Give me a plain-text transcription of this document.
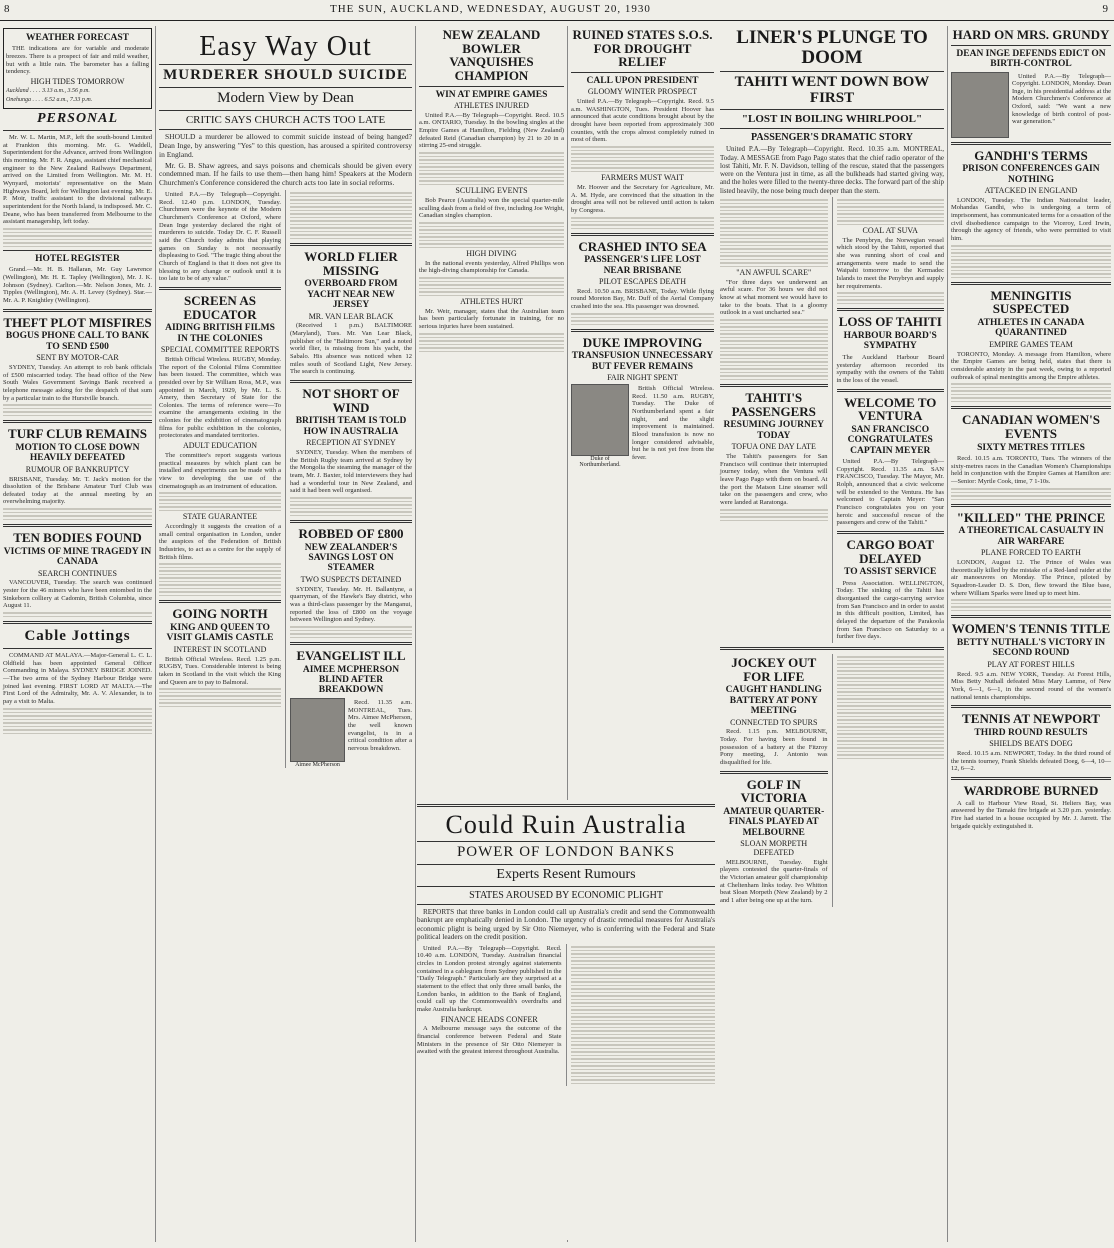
8	THE SUN, AUCKLAND, WEDNESDAY, AUGUST 20, 1930	9
WEATHER FORECAST

THE indications are for variable and moderate breezes. There is a prospect of fair and mild weather, but with a little rain. The barometer has a falling tendency.

HIGH TIDES TOMORROW

Auckland . . . . 3.13 a.m., 3.56 p.m.

Onehunga . . . . 6.52 a.m., 7.33 p.m.

PERSONAL

Mr. W. L. Martin, M.P., left the south-bound Limited at Frankton this morning. Mr. G. Waddell, Superintendent for the Advance, arrived from Wellington this morning. Mr. F. R. Angus, assistant chief mechanical engineer to the New Zealand Railways Department, arrived on the Limited from Wellington. Mr. M. H. Wynyard, motorists' representative on the Main Highways Board, left for Wellington last evening. Mr. E. P. Moir, traffic assistant to the divisional railways superintendent for the North Island, is indisposed. Mr. C. Deane, who has been transferred from Melbourne to the assistant managership, left today.

HOTEL REGISTER

Grand.—Mr. H. B. Hallaran, Mr. Guy Lawrence (Wellington), Mr. H. E. Tapley (Wellington), Mr. J. K. Johnson (Sydney). Carlton.—Mr. Nelson Jones, Mr. J. Tipples (Wellington), Mr. A. H. Levey (Sydney). Star.—Mr. A. P. Knightley (Wellington).

THEFT PLOT MISFIRES
BOGUS PHONE CALL TO BANK TO SEND £500
SENT BY MOTOR-CAR

SYDNEY, Tuesday. An attempt to rob bank officials of £500 miscarried today. The head office of the New South Wales Government Savings Bank received a telephone message asking for the despatch of that sum by a particular train to the Hurstville branch.

TURF CLUB REMAINS
MOTION TO CLOSE DOWN HEAVILY DEFEATED
RUMOUR OF BANKRUPTCY

BRISBANE, Tuesday. Mr. T. Jack's motion for the dissolution of the Brisbane Amateur Turf Club was defeated today at the annual meeting by an overwhelming majority.

TEN BODIES FOUND
VICTIMS OF MINE TRAGEDY IN CANADA
SEARCH CONTINUES

VANCOUVER, Tuesday. The search was continued yester for the 46 miners who have been entombed in the Sinkeborn colliery at Cadomin, British Columbia, since August 11.

Cable Jottings

COMMAND AT MALAYA.—Major-General L. C. L. Oldfield has been appointed General Officer Commanding in Malaya. SYDNEY BRIDGE JOINED.—The two arms of the Sydney Harbour Bridge were joined last evening. FIRST LORD AT MALTA.—The First Lord of the Admiralty, Mr. A. V. Alexander, is to pay a visit to Malta.

Easy Way Out
MURDERER SHOULD SUICIDE
Modern View by Dean
CRITIC SAYS CHURCH ACTS TOO LATE

SHOULD a murderer be allowed to commit suicide instead of being hanged? Dean Inge, by answering "Yes" to this question, has aroused a spirited controversy in England.

Mr. G. B. Shaw agrees, and says poisons and chemicals should be given every condemned man. If he fails to use them—then hang him! Speakers at the Modern Churchmen's Conference considered the church acts too late in social reforms.

United P.A.—By Telegraph—Copyright. Recd. 12.40 p.m. LONDON, Tuesday. Churchmen were the keynote of the Modern Churchmen's Conference at Oxford, where Dean Inge yesterday declared the right of murderers to suicide. Today Dr. C. F. Russell said the Church today admits that playing games on Sunday is not necessarily displeasing to God. "The tragic thing about the Church of England is that it does not give its blessing to any change or outlook until it is too late to be of any value."

SCREEN AS EDUCATOR
AIDING BRITISH FILMS IN THE COLONIES
SPECIAL COMMITTEE REPORTS

British Official Wireless. RUGBY, Monday. The report of the Colonial Films Committee has been issued. The committee, which was presided over by Sir William Ross, M.P., was appointed in March, 1929, by Mr. L. S. Amery, then Secretary of State for the Colonies. The terms of reference were—To examine the arrangements existing in the colonies for the exhibition of cinematograph films for public exhibition in the colonies, protectorates and mandated territories.

ADULT EDUCATION

The committee's report suggests various practical measures by which plant can be installed and experiments can be made with a view to developing the use of the cinematograph as an instrument of education.

STATE GUARANTEE

Accordingly it suggests the creation of a small central organisation in London, under the auspices of the Federation of British Industries, to act as a centre for the supply of British films.

GOING NORTH
KING AND QUEEN TO VISIT GLAMIS CASTLE
INTEREST IN SCOTLAND

British Official Wireless. Recd. 1.25 p.m. RUGBY, Tues. Considerable interest is being taken in Scotland in the visit which the King and Queen are to pay to Balmoral.

WORLD FLIER MISSING
OVERBOARD FROM YACHT NEAR NEW JERSEY
MR. VAN LEAR BLACK

(Received 1 p.m.) BALTIMORE (Maryland), Tues. Mr. Van Lear Black, publisher of the "Baltimore Sun," and a noted world flier, is missing from his yacht, the Sabalo. His absence was noticed when 12 miles south of Scotland Light, New Jersey. The search is continuing.

NOT SHORT OF WIND
BRITISH TEAM IS TOLD HOW IN AUSTRALIA
RECEPTION AT SYDNEY

SYDNEY, Tuesday. When the members of the British Rugby team arrived at Sydney by the Mongolia the steaming the manager of the team, Mr. J. Baxter, told interviewers they had had a wonderful tour in New Zealand, and said it had been well organised.

ROBBED OF £800
NEW ZEALANDER'S SAVINGS LOST ON STEAMER
TWO SUSPECTS DETAINED

SYDNEY, Tuesday. Mr. H. Ballantyne, a quarryman, of the Hawke's Bay district, who was a third-class passenger by the Manganui, reported the loss of £800 on the voyage between Wellington and Sydney.

EVANGELIST ILL
AIMEE MCPHERSON BLIND AFTER BREAKDOWN
Aimee McPherson

Recd. 11.35 a.m. MONTREAL, Tues. Mrs. Aimee McPherson, the well known evangelist, is in a critical condition after a nervous breakdown.

NEW ZEALAND BOWLER VANQUISHES CHAMPION
WIN AT EMPIRE GAMES
ATHLETES INJURED

United P.A.—By Telegraph—Copyright. Recd. 10.5 a.m. ONTARIO, Tuesday. In the bowling singles at the Empire Games at Hamilton, Fielding (New Zealand) defeated Reid (Canadian champion) by 21 to 20 in a stirring 25-end struggle.

SCULLING EVENTS

Bob Pearce (Australia) won the special quarter-mile sculling dash from a field of five, including Joe Wright, Canadian singles champion.

HIGH DIVING

In the national events yesterday, Alfred Phillips won the high-diving championship for Canada.

ATHLETES HURT

Mr. Weir, manager, states that the Australian team has been particularly fortunate in training, for no serious injuries have been sustained.

RUINED STATES S.O.S. FOR DROUGHT RELIEF
CALL UPON PRESIDENT
GLOOMY WINTER PROSPECT

United P.A.—By Telegraph—Copyright. Recd. 9.5 a.m. WASHINGTON, Tues. President Hoover has announced that acute conditions brought about by the drought have been reported from approximately 300 counties, with the crops almost completely ruined in most of them.

FARMERS MUST WAIT

Mr. Hoover and the Secretary for Agriculture, Mr. A. M. Hyde, are convinced that the situation in the drought area will not be relieved until action is taken by Congress.

CRASHED INTO SEA
PASSENGER'S LIFE LOST NEAR BRISBANE
PILOT ESCAPES DEATH

Recd. 10.50 a.m. BRISBANE, Today. While flying round Moreton Bay, Mr. Duff of the Aerial Company crashed into the sea. His passenger was drowned.

DUKE IMPROVING
TRANSFUSION UNNECESSARY BUT FEVER REMAINS
FAIR NIGHT SPENT
Duke of Northumberland.

British Official Wireless. Recd. 11.50 a.m. RUGBY, Tuesday. The Duke of Northumberland spent a fair night, and the slight improvement is maintained. Blood transfusion is now no longer considered advisable, but he is not yet free from the fever.

Could Ruin Australia
POWER OF LONDON BANKS
Experts Resent Rumours
STATES AROUSED BY ECONOMIC PLIGHT

REPORTS that three banks in London could call up Australia's credit and send the Commonwealth bankrupt are emphatically denied in London. The urgency of drastic remedial measures for Australia's economic plight is being urged by Sir Otto Niemeyer, who is conferring with the Federal and State political leaders on the credit position.

United P.A.—By Telegraph—Copyright. Recd. 10.40 a.m. LONDON, Tuesday. Australian financial circles in London protest strongly against statements contained in a cablegram from Sydney published in the "Daily Telegraph." Particularly are they surprised at a statement to the effect that only three small banks, the London banks, in addition to the Bank of England, could call up the Commonwealth's overdrafts and make Australia bankrupt.

FINANCE HEADS CONFER

A Melbourne message says the outcome of the financial conference between Federal and State Ministers in the presence of Sir Otto Niemeyer is awaited with the greatest interest throughout Australia.

LINER'S PLUNGE TO DOOM
TAHITI WENT DOWN BOW FIRST
"LOST IN BOILING WHIRLPOOL"
PASSENGER'S DRAMATIC STORY

United P.A.—By Telegraph—Copyright. Recd. 10.35 a.m. MONTREAL, Today. A MESSAGE from Pago Pago states that the chief radio operator of the lost Tahiti, Mr. F. N. Davidson, telling of the rescue, stated that the passengers were on the Ventura just in time, as all the bulkheads had started giving way, and the holes were filled to the twenty-three decks. The forward part of the ship listed heavily, the nose being much deeper than the stern.

"AN AWFUL SCARE"

"For three days we underwent an awful scare. For 36 hours we did not know at what moment we would have to take to the boats. That is a gloomy outlook in a vast uncharted sea."

TAHITI'S PASSENGERS
RESUMING JOURNEY TODAY
TOFUA ONE DAY LATE

The Tahiti's passengers for San Francisco will continue their interrupted journey today, when the Ventura will leave Pago Pago with them on board. At the port the Matson Line steamer will take on the passengers and crew, who were landed at Raratonga.

COAL AT SUVA

The Penybryn, the Norwegian vessel which stood by the Tahiti, reported that she was running short of coal and arrangements were made to send the Waipahi tomorrow to the Kermadec Islands to meet the Penybryn and supply her requirements.

LOSS OF TAHITI
HARBOUR BOARD'S SYMPATHY

The Auckland Harbour Board yesterday afternoon recorded its sympathy with the owners of the Tahiti in the loss of the vessel.

WELCOME TO VENTURA
SAN FRANCISCO CONGRATULATES CAPTAIN MEYER

United P.A.—By Telegraph—Copyright. Recd. 11.35 a.m. SAN FRANCISCO, Tuesday. The Mayor, Mr. Rolph, announced that a civic welcome will be extended to the Ventura. He has welcomed to Captain Meyer: "San Francisco congratulates you on your heroic and successful rescue of the passengers and crew of the Tahiti."

CARGO BOAT DELAYED
TO ASSIST SERVICE

Press Association. WELLINGTON, Today. The sinking of the Tahiti has disorganised the cargo-carrying service from San Francisco and in order to assist in this difficult position, Limited, has delayed the departure of the Parakoola from San Francisco on Saturday to a further five days.

JOCKEY OUT FOR LIFE
CAUGHT HANDLING BATTERY AT PONY MEETING
CONNECTED TO SPURS

Recd. 1.15 p.m. MELBOURNE, Today. For having been found in possession of a battery at the Fitzroy Pony meeting, J. Antonio was disqualified for life.

GOLF IN VICTORIA
AMATEUR QUARTER-FINALS PLAYED AT MELBOURNE
SLOAN MORPETH DEFEATED

MELBOURNE, Tuesday. Eight players contested the quarter-finals of the Victorian amateur golf championship at Cheltenham links today. Ivo Whitton beat Sloan Morpeth (New Zealand) by 2 and 1 after being one up at the turn.

HARD ON MRS. GRUNDY
DEAN INGE DEFENDS EDICT ON BIRTH-CONTROL

United P.A.—By Telegraph—Copyright. LONDON, Monday. Dean Inge, in his presidential address at the Modern Churchmen's Conference at Oxford, said: "We want a new knowledge of birth control of post-war generation."

GANDHI'S TERMS
PRISON CONFERENCES GAIN NOTHING
ATTACKED IN ENGLAND

LONDON, Tuesday. The Indian Nationalist leader, Mohandas Gandhi, who is undergoing a term of imprisonment, has communicated terms for a cessation of the civil disobedience campaign to the Viceroy, Lord Irwin, through the agency of friends, who were permitted to visit him.

MENINGITIS SUSPECTED
ATHLETES IN CANADA QUARANTINED
EMPIRE GAMES TEAM

TORONTO, Monday. A message from Hamilton, where the Empire Games are being held, states that there is considerable anxiety in the past week, owing to a reported outbreak of spinal meningitis among the Empire athletes.

CANADIAN WOMEN'S EVENTS
SIXTY METRES TITLES

Recd. 10.15 a.m. TORONTO, Tues. The winners of the sixty-metres races in the Canadian Women's Championships held in conjunction with the Empire Games at Hamilton are:—Senior: Myrtle Cook, time, 7 1-10s.

"KILLED" THE PRINCE
A THEORETICAL CASUALTY IN AIR WARFARE
PLANE FORCED TO EARTH

LONDON, August 12. The Prince of Wales was theoretically killed by the mistake of a Red-land raider at the air manoeuvres on Monday. The Prince, piloted by Squadron-Leader D. S. Don, flew toward the Blue base, where William Sparks were lined up to meet him.

WOMEN'S TENNIS TITLE
BETTY NUTHALL'S VICTORY IN SECOND ROUND
PLAY AT FOREST HILLS

Recd. 9.5 a.m. NEW YORK, Tuesday. At Forest Hills, Miss Betty Nuthall defeated Miss Mary Lamme, of New York, 6—1, 6—1, in the second round of the women's national tennis championships.

TENNIS AT NEWPORT
THIRD ROUND RESULTS
SHIELDS BEATS DOEG

Recd. 10.15 a.m. NEWPORT, Today. In the third round of the tennis tourney, Frank Shields defeated Doeg, 6—4, 10—12, 6—2.

WARDROBE BURNED

A call to Harbour View Road, St. Heliers Bay, was answered by the Tamaki fire brigade at 3.20 p.m. yesterday. Fire had started in a house occupied by Mr. J. Jarrett. The brigade quickly extinguished it.
